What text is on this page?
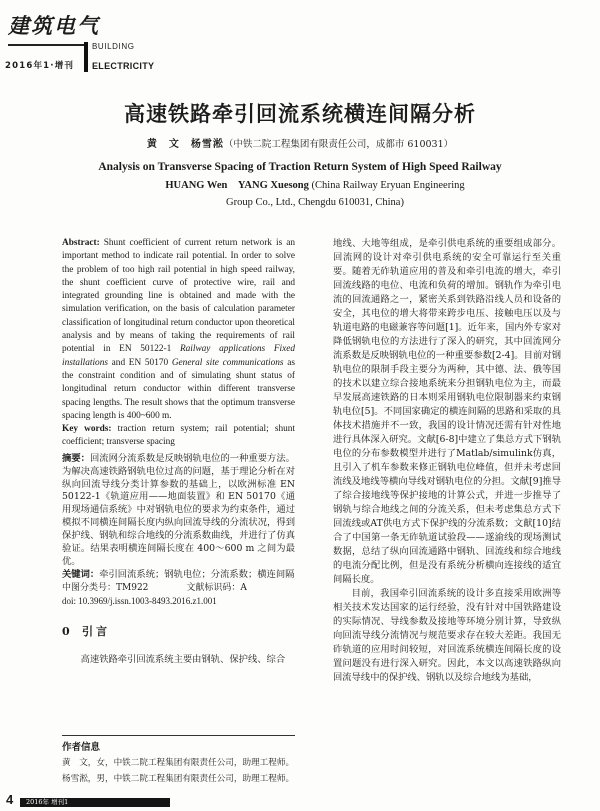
建筑电气
BUILDING
ELECTRICITY
2016年1·增刊
高速铁路牵引回流系统横连间隔分析
黄　文　杨雪淞（中铁二院工程集团有限责任公司，成都市 610031）
Analysis on Transverse Spacing of Traction Return System of High Speed Railway
HUANG Wen　YANG Xuesong (China Railway Eryuan Engineering
Group Co., Ltd., Chengdu 610031, China)

Abstract: Shunt coefficient of current return network is an important method to indicate rail potential. In order to solve the problem of too high rail potential in high speed railway, the shunt coefficient curve of protective wire, rail and integrated grounding line is obtained and made with the simulation verification, on the basis of calculation parameter classification of longitudinal return conductor upon theoretical analysis and by means of taking the requirements of rail potential in EN 50122-1 Railway applications Fixed installations and EN 50170 General site communications as the constraint condition and of simulating shunt status of longitudinal return conductor within different transverse spacing lengths. The result shows that the optimum transverse spacing length is 400~600 m.

Key words: traction return system; rail potential; shunt coefficient; transverse spacing

摘要：回流网分流系数是反映钢轨电位的一种重要方法。为解决高速铁路钢轨电位过高的问题，基于理论分析在对纵向回流导线分类计算参数的基础上，以欧洲标准 EN 50122-1《轨道应用——地面装置》和 EN 50170《通用现场通信系统》中对钢轨电位的要求为约束条件，通过模拟不同横连间隔长度内纵向回流导线的分流状况，得到保护线、钢轨和综合地线的分流系数曲线，并进行了仿真验证。结果表明横连间隔长度在 400～600 m 之间为最优。

关键词：牵引回流系统；钢轨电位；分流系数；横连间隔

中图分类号：TM922	文献标识码：A
doi: 10.3969/j.issn.1003-8493.2016.z1.001
0 引言

高速铁路牵引回流系统主要由钢轨、保护线、综合

地线、大地等组成，是牵引供电系统的重要组成部分。回流网的设计对牵引供电系统的安全可靠运行至关重要。随着无砟轨道应用的普及和牵引电流的增大，牵引回流线路的电位、电流和负荷的增加。钢轨作为牵引电流的回流通路之一，紧密关系到铁路沿线人员和设备的安全，其电位的增大将带来跨步电压、接触电压以及与轨道电路的电磁兼容等问题[1]。近年来，国内外专家对降低钢轨电位的方法进行了深入的研究，其中回流网分流系数是反映钢轨电位的一种重要参数[2-4]。目前对钢轨电位的限制手段主要分为两种，其中德、法、俄等国的技术以建立综合接地系统来分担钢轨电位为主，而最早发展高速铁路的日本则采用钢轨电位限制器来约束钢轨电位[5]。不同国家确定的横连间隔的思路和采取的具体技术措施并不一致，我国的设计情况还需有针对性地进行具体深入研究。文献[6-8]中建立了集总方式下钢轨电位的分布参数模型并进行了Matlab/simulink仿真，且引入了机车参数来修正钢轨电位峰值，但并未考虑回流线及地线等横向导线对钢轨电位的分担。文献[9]推导了综合接地线等保护接地的计算公式，并进一步推导了钢轨与综合地线之间的分流关系，但未考虑集总方式下回流线或AT供电方式下保护线的分流系数；文献[10]结合了中国第一条无砟轨道试验段——遂渝线的现场测试数据，总结了纵向回流通路中钢轨、回流线和综合地线的电流分配比例，但是没有系统分析横向连接线的适宜间隔长度。

目前，我国牵引回流系统的设计多直接采用欧洲等相关技术发达国家的运行经验，没有针对中国铁路建设的实际情况、导线参数及接地等环境分别计算，导致纵向回流导线分流情况与规范要求存在较大差距。我国无砟轨道的应用时间较短，对回流系统横连间隔长度的设置问题没有进行深入研究。因此，本文以高速铁路纵向回流导线中的保护线、钢轨以及综合地线为基础，

作者信息
黄　文，女，中铁二院工程集团有限责任公司，助理工程师。
杨雪淞，男，中铁二院工程集团有限责任公司，助理工程师。
4	2016年 增刊1
